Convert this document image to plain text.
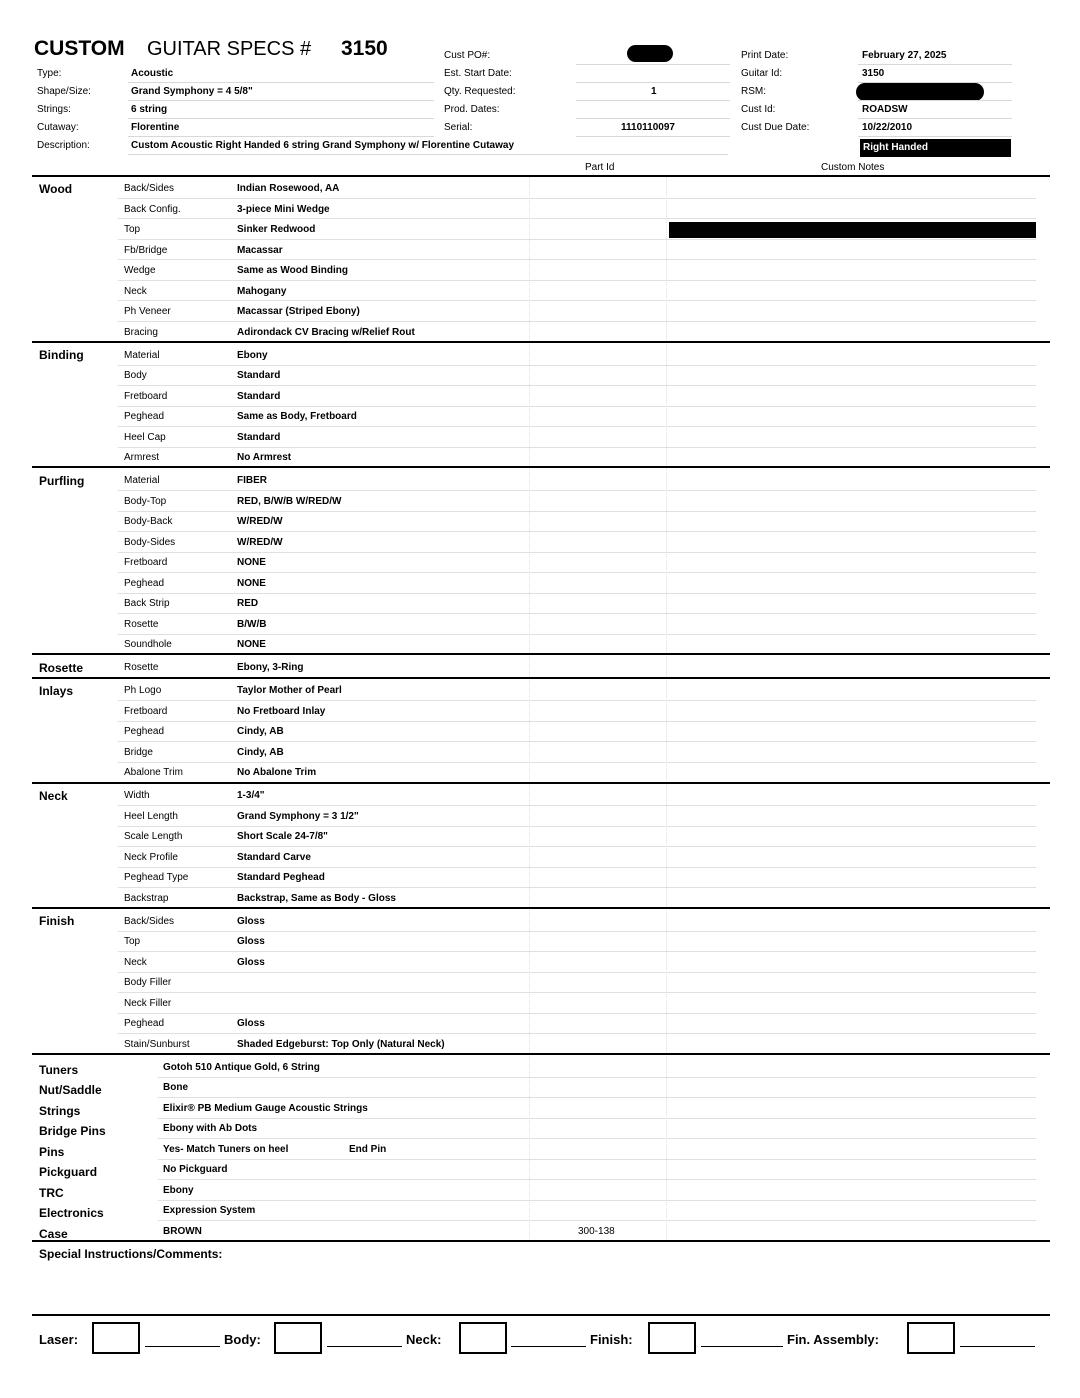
CUSTOM GUITAR SPECS # 3150
Type:	Acoustic
Shape/Size:	Grand Symphony = 4 5/8"
Strings:	6 string
Cutaway:	Florentine
Description:	Custom Acoustic Right Handed 6 string Grand Symphony w/ Florentine Cutaway
Cust PO#:
Est. Start Date:
Qty. Requested:	1
Prod. Dates:
Serial:	1110110097
Print Date:	February 27, 2025
Guitar Id:	3150
RSM:
Cust Id:	ROADSW
Cust Due Date:	10/22/2010
Right Handed
Part Id	Custom Notes
Wood	Back/Sides	Indian Rosewood, AA
Back Config.	3-piece Mini Wedge
Top	Sinker Redwood
Fb/Bridge	Macassar
Wedge	Same as Wood Binding
Neck	Mahogany
Ph Veneer	Macassar (Striped Ebony)
Bracing	Adirondack CV Bracing w/Relief Rout
Binding	Material	Ebony
Body	Standard
Fretboard	Standard
Peghead	Same as Body, Fretboard
Heel Cap	Standard
Armrest	No Armrest
Purfling	Material	FIBER
Body-Top	RED, B/W/B W/RED/W
Body-Back	W/RED/W
Body-Sides	W/RED/W
Fretboard	NONE
Peghead	NONE
Back Strip	RED
Rosette	B/W/B
Soundhole	NONE
Rosette	Rosette	Ebony, 3-Ring
Inlays	Ph Logo	Taylor Mother of Pearl
Fretboard	No Fretboard Inlay
Peghead	Cindy, AB
Bridge	Cindy, AB
Abalone Trim	No Abalone Trim
Neck	Width	1-3/4"
Heel Length	Grand Symphony = 3 1/2"
Scale Length	Short Scale 24-7/8"
Neck Profile	Standard Carve
Peghead Type	Standard Peghead
Backstrap	Backstrap, Same as Body - Gloss
Finish	Back/Sides	Gloss
Top	Gloss
Neck	Gloss
Body Filler
Neck Filler
Peghead	Gloss
Stain/Sunburst	Shaded Edgeburst: Top Only (Natural Neck)
Tuners	Gotoh 510 Antique Gold, 6 String
Nut/Saddle	Bone
Strings	Elixir® PB Medium Gauge Acoustic Strings
Bridge Pins	Ebony with Ab Dots
Pins	Yes- Match Tuners on heel	End Pin
Pickguard	No Pickguard
TRC	Ebony
Electronics	Expression System
Case	BROWN	300-138
Special Instructions/Comments:
Laser:	Body:	Neck:	Finish:	Fin. Assembly:
